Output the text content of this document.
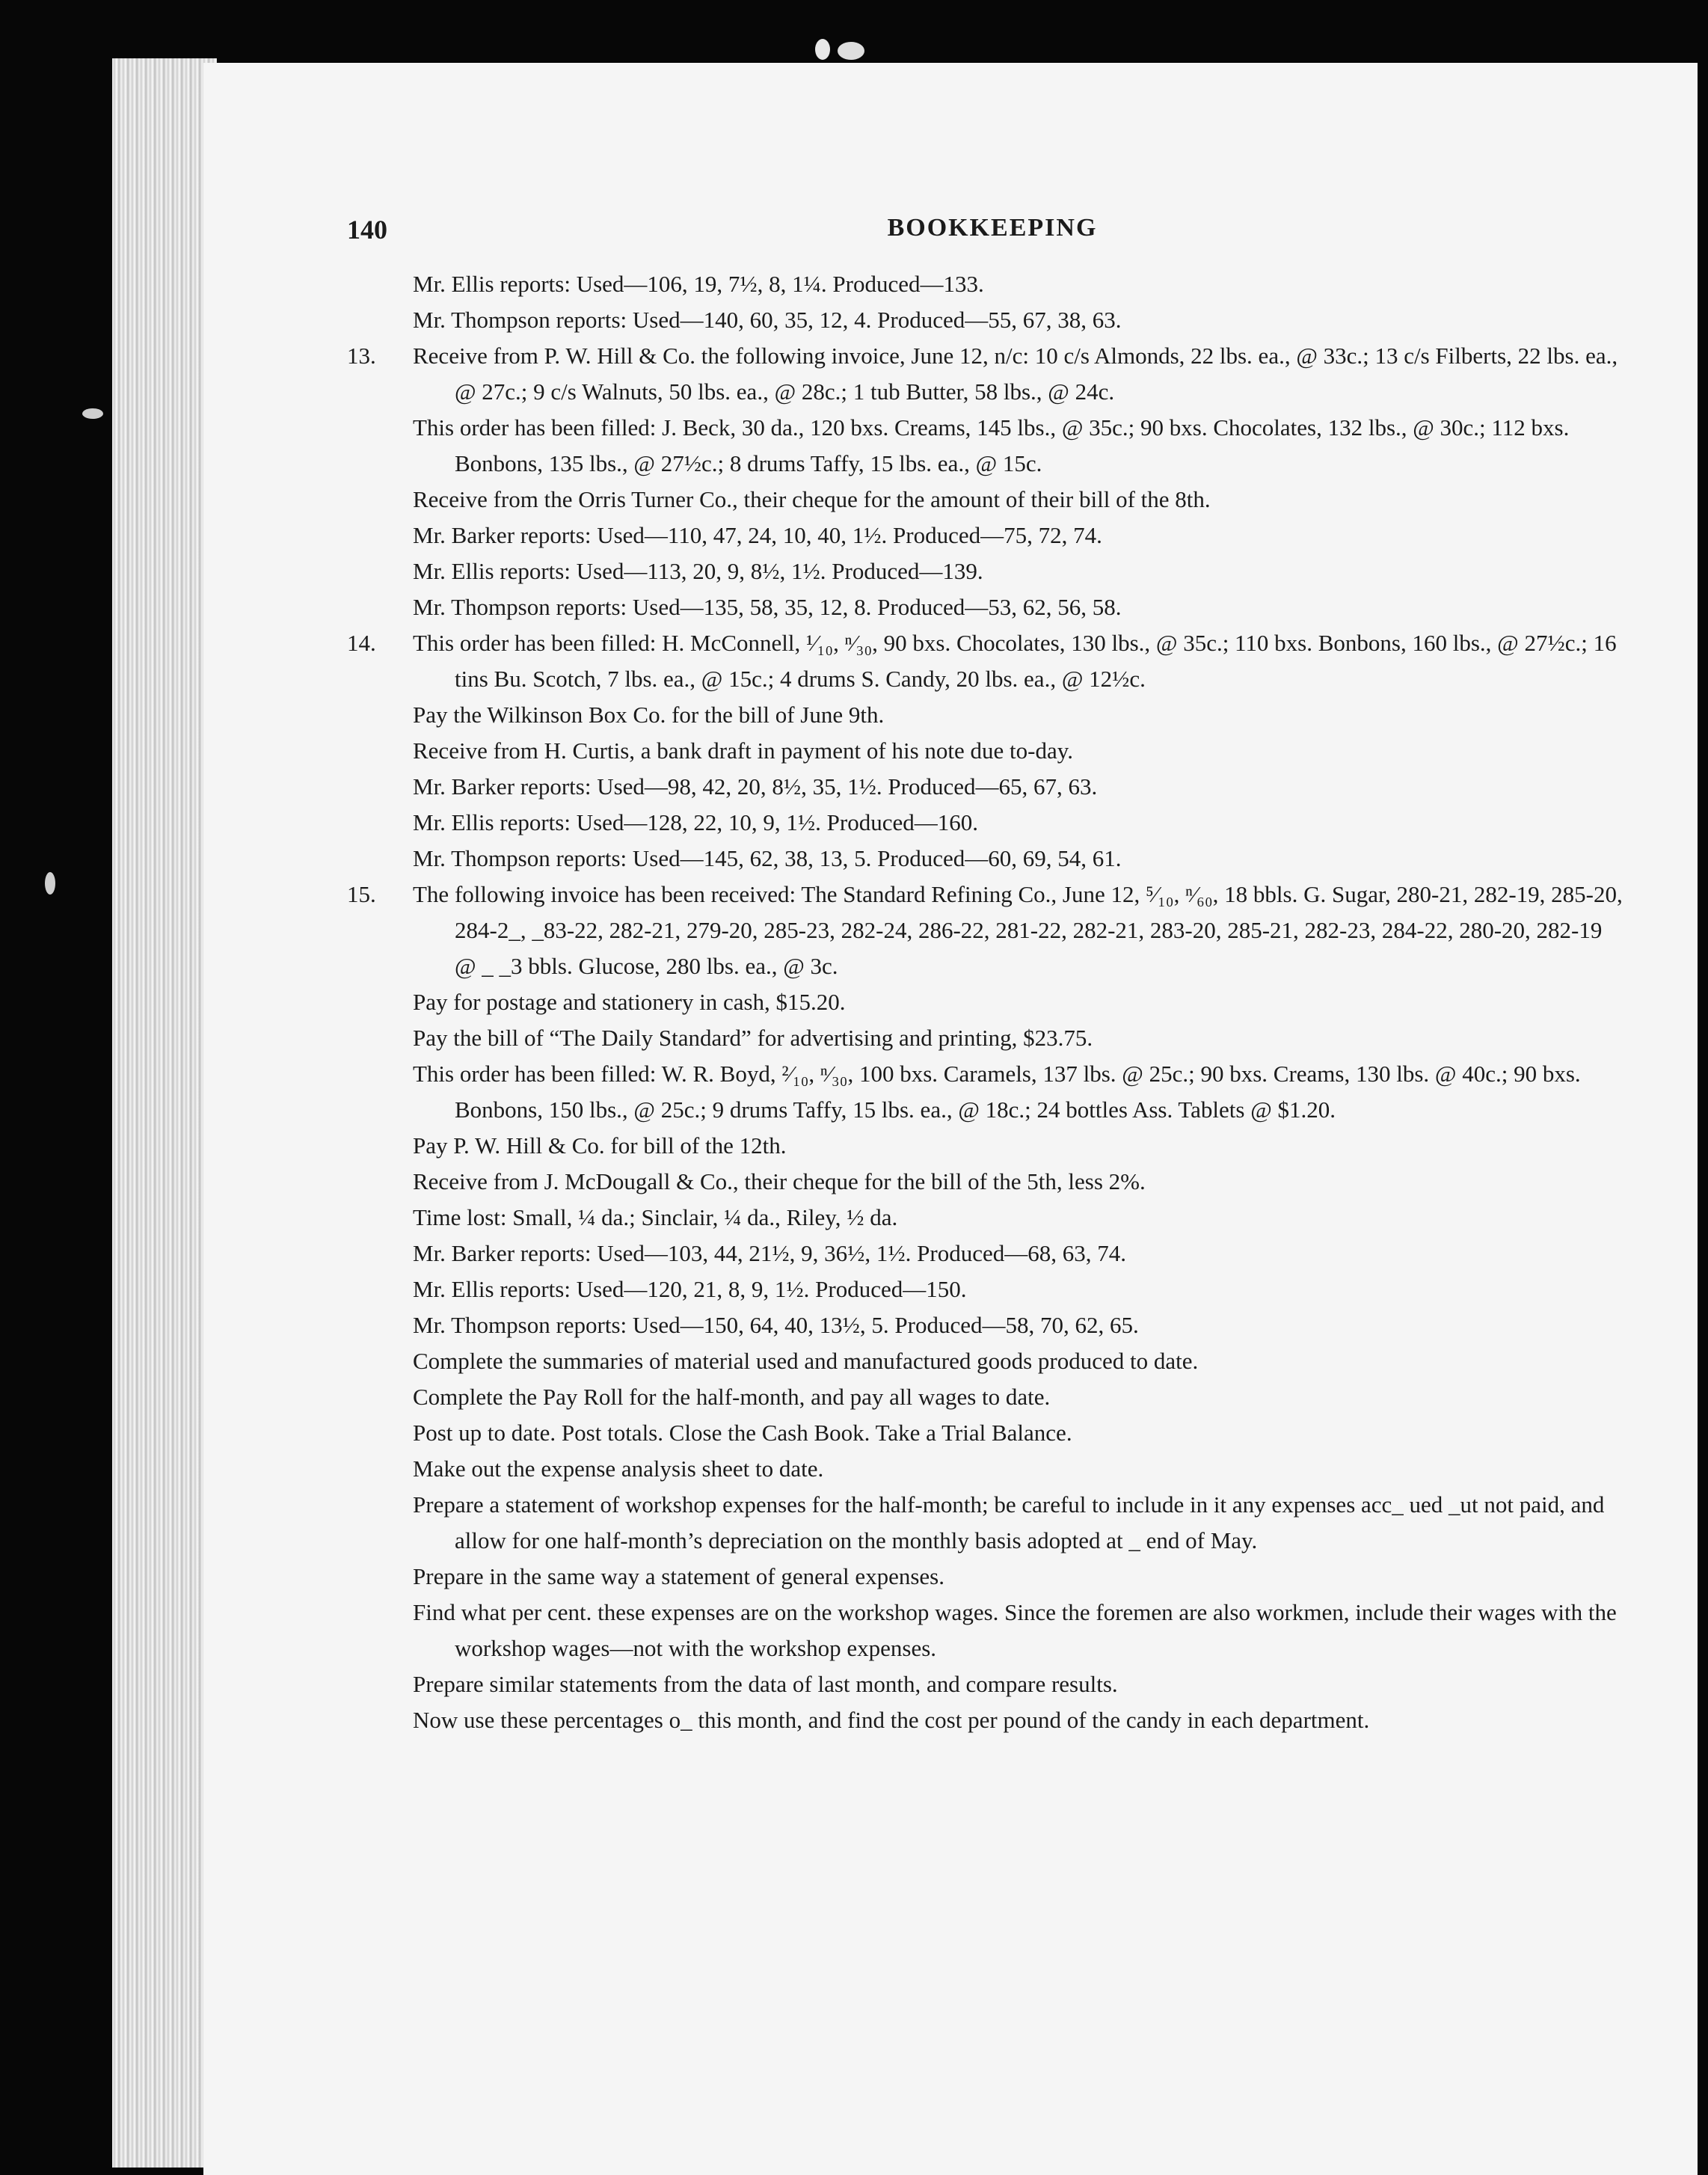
140	BOOKKEEPING
Mr. Ellis reports: Used—106, 19, 7½, 8, 1¼. Produced—133.
Mr. Thompson reports: Used—140, 60, 35, 12, 4. Produced—55, 67, 38, 63.
13. Receive from P. W. Hill & Co. the following invoice, June 12, n/c: 10 c/s Almonds, 22 lbs. ea., @ 33c.; 13 c/s Filberts, 22 lbs. ea., @ 27c.; 9 c/s Walnuts, 50 lbs. ea., @ 28c.; 1 tub Butter, 58 lbs., @ 24c.
This order has been filled: J. Beck, 30 da., 120 bxs. Creams, 145 lbs., @ 35c.; 90 bxs. Chocolates, 132 lbs., @ 30c.; 112 bxs. Bonbons, 135 lbs., @ 27½c.; 8 drums Taffy, 15 lbs. ea., @ 15c.
Receive from the Orris Turner Co., their cheque for the amount of their bill of the 8th.
Mr. Barker reports: Used—110, 47, 24, 10, 40, 1½. Produced—75, 72, 74.
Mr. Ellis reports: Used—113, 20, 9, 8½, 1½. Produced—139.
Mr. Thompson reports: Used—135, 58, 35, 12, 8. Produced—53, 62, 56, 58.
14. This order has been filled: H. McConnell, ¹⁄₁₀, ⁿ⁄₃₀, 90 bxs. Chocolates, 130 lbs., @ 35c.; 110 bxs. Bonbons, 160 lbs., @ 27½c.; 16 tins Bu. Scotch, 7 lbs. ea., @ 15c.; 4 drums S. Candy, 20 lbs. ea., @ 12½c.
Pay the Wilkinson Box Co. for the bill of June 9th.
Receive from H. Curtis, a bank draft in payment of his note due to-day.
Mr. Barker reports: Used—98, 42, 20, 8½, 35, 1½. Produced—65, 67, 63.
Mr. Ellis reports: Used—128, 22, 10, 9, 1½. Produced—160.
Mr. Thompson reports: Used—145, 62, 38, 13, 5. Produced—60, 69, 54, 61.
15. The following invoice has been received: The Standard Refining Co., June 12, ⁵⁄₁₀, ⁿ⁄₆₀, 18 bbls. G. Sugar, 280-21, 282-19, 285-20, 284-2_, _83-22, 282-21, 279-20, 285-23, 282-24, 286-22, 281-22, 282-21, 283-20, 285-21, 282-23, 284-22, 280-20, 282-19 @ _ _3 bbls. Glucose, 280 lbs. ea., @ 3c.
Pay for postage and stationery in cash, $15.20.
Pay the bill of “The Daily Standard” for advertising and printing, $23.75.
This order has been filled: W. R. Boyd, ²⁄₁₀, ⁿ⁄₃₀, 100 bxs. Caramels, 137 lbs. @ 25c.; 90 bxs. Creams, 130 lbs. @ 40c.; 90 bxs. Bonbons, 150 lbs., @ 25c.; 9 drums Taffy, 15 lbs. ea., @ 18c.; 24 bottles Ass. Tablets @ $1.20.
Pay P. W. Hill & Co. for bill of the 12th.
Receive from J. McDougall & Co., their cheque for the bill of the 5th, less 2%.
Time lost: Small, ¼ da.; Sinclair, ¼ da., Riley, ½ da.
Mr. Barker reports: Used—103, 44, 21½, 9, 36½, 1½. Produced—68, 63, 74.
Mr. Ellis reports: Used—120, 21, 8, 9, 1½. Produced—150.
Mr. Thompson reports: Used—150, 64, 40, 13½, 5. Produced—58, 70, 62, 65.
Complete the summaries of material used and manufactured goods produced to date.
Complete the Pay Roll for the half-month, and pay all wages to date.
Post up to date. Post totals. Close the Cash Book. Take a Trial Balance.
Make out the expense analysis sheet to date.
Prepare a statement of workshop expenses for the half-month; be careful to include in it any expenses acc_ ued _ut not paid, and allow for one half-month’s depreciation on the monthly basis adopted at _ end of May.
Prepare in the same way a statement of general expenses.
Find what per cent. these expenses are on the workshop wages. Since the foremen are also workmen, include their wages with the workshop wages—not with the workshop expenses.
Prepare similar statements from the data of last month, and compare results.
Now use these percentages o_ this month, and find the cost per pound of the candy in each department.
